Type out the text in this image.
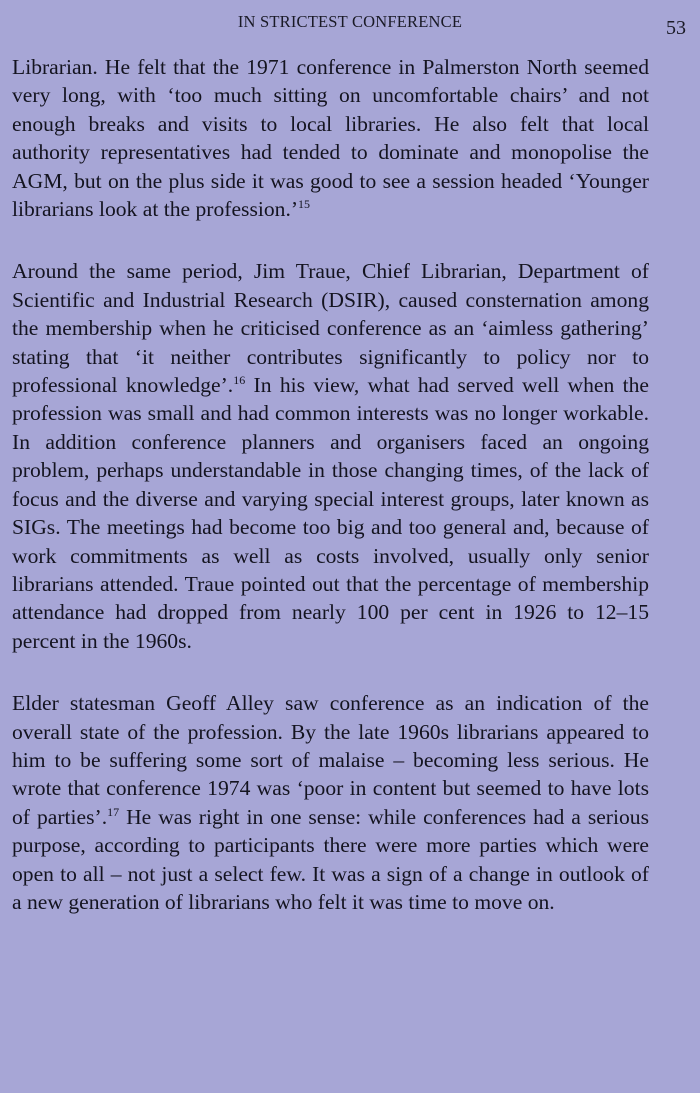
IN STRICTEST CONFERENCE	53

Librarian. He felt that the 1971 conference in Palmerston North seemed very long, with ‘too much sitting on uncomfortable chairs’ and not enough breaks and visits to local libraries. He also felt that local authority representatives had tended to dominate and monopolise the AGM, but on the plus side it was good to see a session headed ‘Younger librarians look at the profession.’$^{15}$

Around the same period, Jim Traue, Chief Librarian, Department of Scientific and Industrial Research (DSIR), caused consternation among the membership when he criticised conference as an ‘aimless gathering’ stating that ‘it neither contributes significantly to policy nor to professional knowledge’.$^{16}$ In his view, what had served well when the profession was small and had common interests was no longer workable. In addition conference planners and organisers faced an ongoing problem, perhaps understandable in those changing times, of the lack of focus and the diverse and varying special interest groups, later known as SIGs. The meetings had become too big and too general and, because of work commitments as well as costs involved, usually only senior librarians attended. Traue pointed out that the percentage of membership attendance had dropped from nearly 100 per cent in 1926 to 12–15 percent in the 1960s.

Elder statesman Geoff Alley saw conference as an indication of the overall state of the profession. By the late 1960s librarians appeared to him to be suffering some sort of malaise – becoming less serious. He wrote that conference 1974 was ‘poor in content but seemed to have lots of parties’.$^{17}$ He was right in one sense: while conferences had a serious purpose, according to participants there were more parties which were open to all – not just a select few. It was a sign of a change in outlook of a new generation of librarians who felt it was time to move on.
